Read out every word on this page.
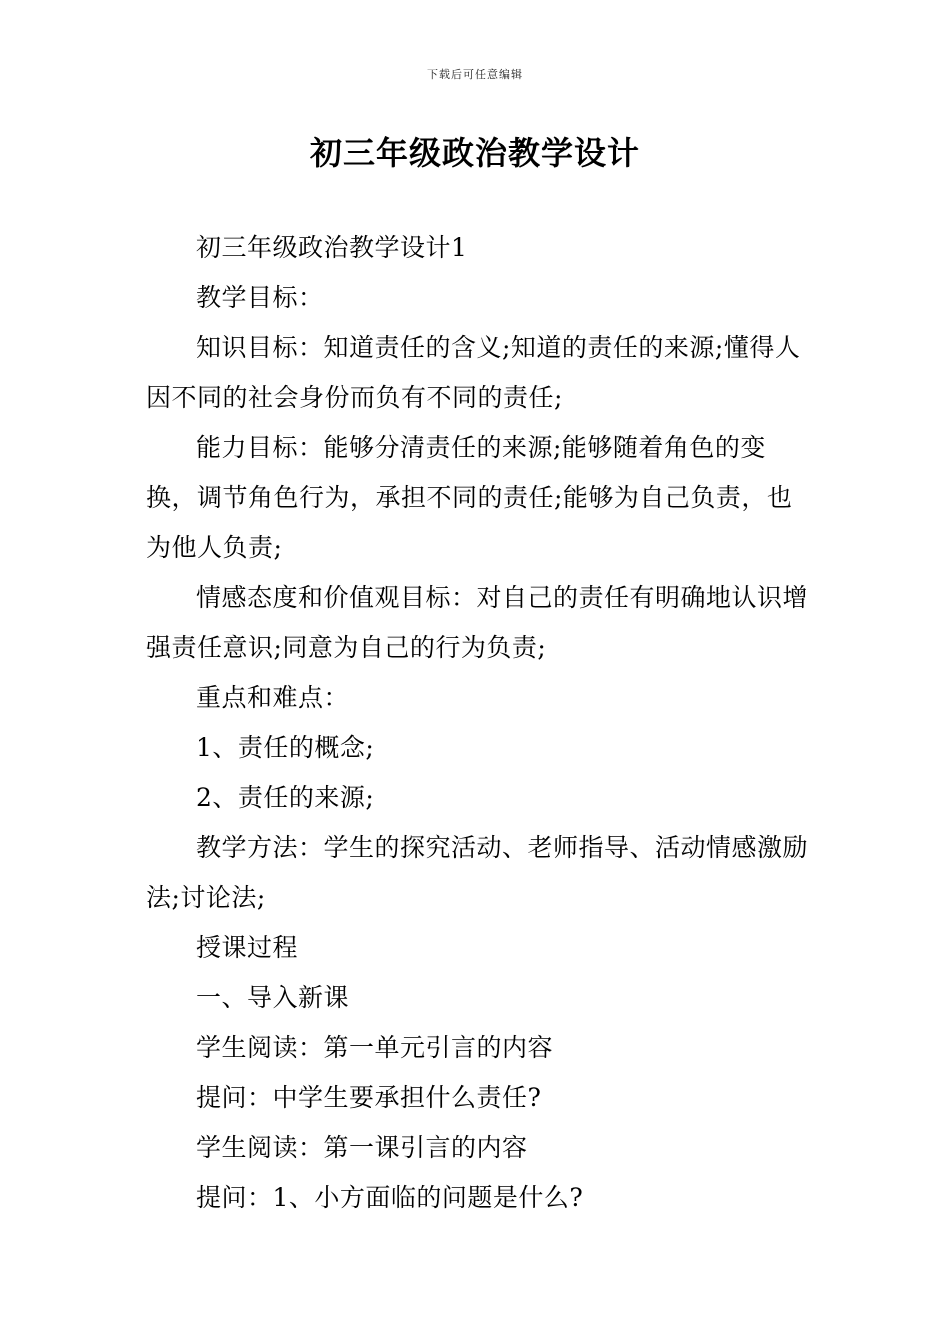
下载后可任意编辑
初三年级政治教学设计

初三年级政治教学设计1

教学目标：

知识目标：知道责任的含义;知道的责任的来源;懂得人因不同的社会身份而负有不同的责任;

能力目标：能够分清责任的来源;能够随着角色的变换，调节角色行为，承担不同的责任;能够为自己负责，也为他人负责;

情感态度和价值观目标：对自己的责任有明确地认识增强责任意识;同意为自己的行为负责;

重点和难点：

1、责任的概念;

2、责任的来源;

教学方法：学生的探究活动、老师指导、活动情感激励法;讨论法;

授课过程

一、导入新课

学生阅读：第一单元引言的内容

提问：中学生要承担什么责任?

学生阅读：第一课引言的内容

提问：1、小方面临的问题是什么?
